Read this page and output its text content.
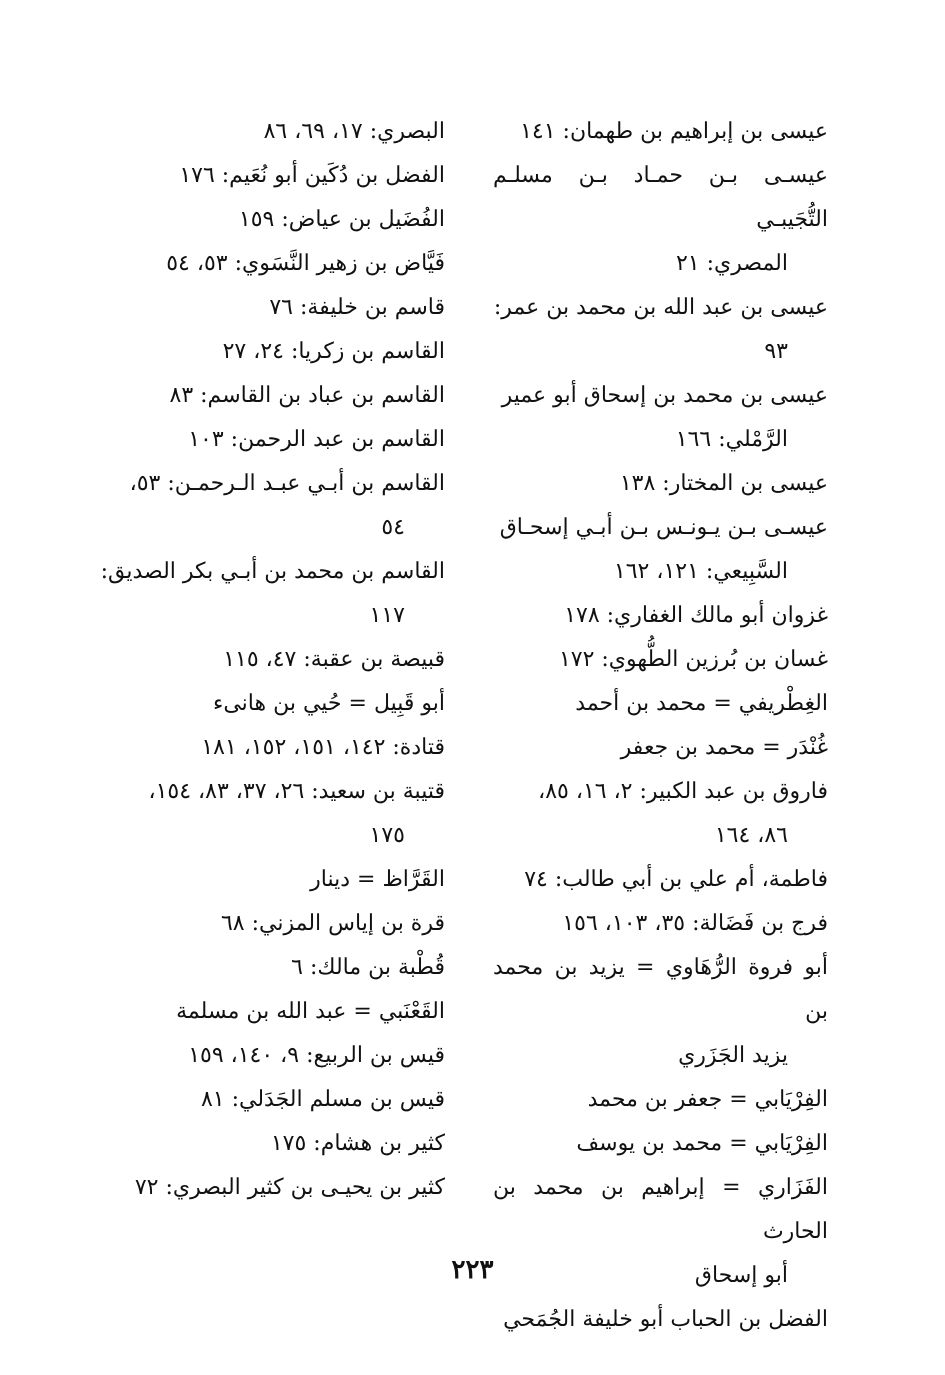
عيسى بن إبراهيم بن طهمان: ١٤١
عيسـى بـن حمـاد بـن مسلـم التُّجَيبـي
المصري: ٢١
عيسى بن عبد الله بن محمد بن عمر:
٩٣
عيسى بن محمد بن إسحاق أبو عمير
الرَّمْلي: ١٦٦
عيسى بن المختار: ١٣٨
عيسـى بـن يـونـس بـن أبـي إسحـاق
السَّبِيعي: ١٢١، ١٦٢
غزوان أبو مالك الغفاري: ١٧٨
غسان بن بُرزين الطُّهوي: ١٧٢
الغِطْريفي = محمد بن أحمد
غُنْدَر = محمد بن جعفر
فاروق بن عبد الكبير: ٢، ١٦، ٨٥،
٨٦، ١٦٤
فاطمة، أم علي بن أبي طالب: ٧٤
فرج بن فَضَالة: ٣٥، ١٠٣، ١٥٦
أبو فروة الرُّهَاوي = يزيد بن محمد بن
يزيد الجَزَري
الفِرْيَابي = جعفر بن محمد
الفِرْيَابي = محمد بن يوسف
الفَزَاري = إبراهيم بن محمد بن الحارث
أبو إسحاق
الفضل بن الحباب أبو خليفة الجُمَحي
البصري: ١٧، ٦٩، ٨٦
الفضل بن دُكَين أبو نُعَيم: ١٧٦
الفُضَيل بن عياض: ١٥٩
فَيَّاض بن زهير النَّسَوي: ٥٣، ٥٤
قاسم بن خليفة: ٧٦
القاسم بن زكريا: ٢٤، ٢٧
القاسم بن عباد بن القاسم: ٨٣
القاسم بن عبد الرحمن: ١٠٣
القاسم بن أبـي عبـد الـرحمـن: ٥٣،
٥٤
القاسم بن محمد بن أبـي بكر الصديق:
١١٧
قبيصة بن عقبة: ٤٧، ١١٥
أبو قَبِيل = حُيي بن هانىء
قتادة: ١٤٢، ١٥١، ١٥٢، ١٨١
قتيبة بن سعيد: ٢٦، ٣٧، ٨٣، ١٥٤،
١٧٥
القَرَّاظ = دينار
قرة بن إياس المزني: ٦٨
قُطْبة بن مالك: ٦
القَعْنَبي = عبد الله بن مسلمة
قيس بن الربيع: ٩، ١٤٠، ١٥٩
قيس بن مسلم الجَدَلي: ٨١
كثير بن هشام: ١٧٥
كثير بن يحيـى بن كثير البصري: ٧٢
٢٢٣
